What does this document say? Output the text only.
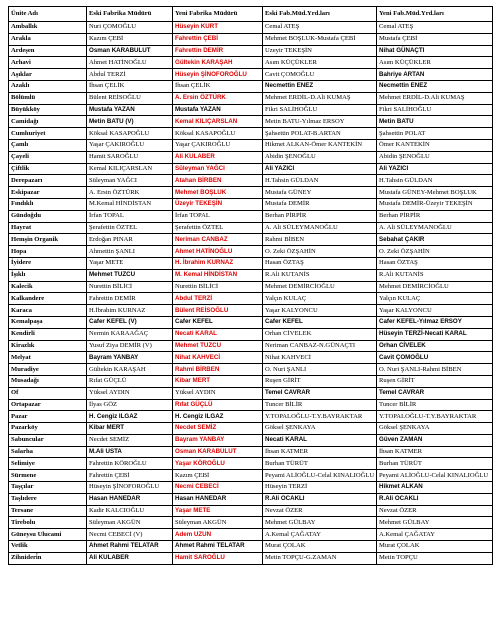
Ünite Adı	Eski Fabrika Müdürü	Yeni Fabrika Müdürü	Eski Fab.Müd.Yrd.ları	Yeni Fab.Müd.Yrd.ları
Amballık	Nuri ÇOMOĞLU	Hüseyin KURT	Cemal ATEŞ	Cemal ATEŞ
Arakla	Kazım ÇEBİ	Fahrettin ÇEBİ	Mehmet BOŞLUK-Mustafa ÇEBİ	Mustafa ÇEBİ
Ardeşen	Osman KARABULUT	Fahrettin DEMİR	Uzeyir TEKEŞİN	Nihat GÜNAÇTI
Arhavi	Ahmet HATİNOĞLU	Gültekin KARAŞAH	Asım KÜÇÜKLER	Asım KÜÇÜKLER
Aşıklar	Abdul TERZİ	Hüseyin ŞİNOFOROĞLU	Cavit ÇOMOĞLU	Bahriye ARTAN
Azaklı	İhsan ÇELİK	İhsan ÇELİK	Necmettin ENEZ	Necmettin ENEZ
Bölümlü	Bülent REİSOĞLU	A. Ersin ÖZTÜRK	Mehmet ERDİL-D.Ali KUMAŞ	Mehmet ERDİL-D.Ali KUMAŞ
Büyükköy	Mustafa YAZAN	Mustafa YAZAN	Fikri SALİHOĞLU	Fikri SALİHOĞLU
Camidağı	Metin BATU (V)	Kemal KILIÇARSLAN	Metin BATU-Yılmaz ERSOY	Metin BATU
Cumhuriyet	Köksal KASAPOĞLU	Köksal KASAPOĞLU	Şahsettin POLAT-B.ARTAN	Şahsettin POLAT
Çamlı	Yaşar ÇAKIROĞLU	Yaşar ÇAKIROĞLU	Hikmet ALKAN-Ömer KANTEKİN	Ömer KANTEKİN
Çayeli	Hamit SAROĞLU	Ali KULABER	Abidin ŞENOĞLU	Abidin ŞENOĞLU
Çiftlik	Kemal KILIÇARSLAN	Süleyman YAĞCI	Ali YAZICI	Ali YAZICI
Derepazarı	Süleyman YAĞCI	Atahan BİRBEN	H.Tahsin GÜLDAN	H.Tahsin GÜLDAN
Eskipazar	A. Ersin ÖZTÜRK	Mehmet BOŞLUK	Mustafa GÜNEY	Mustafa GÜNEY-Mehmet BOŞLUK
Fındıklı	M.Kemal HİNDİSTAN	Üzeyir TEKEŞİN	Mustafa DEMİR	Mustafa DEMİR-Üzeyir TEKEŞİN
Gündoğdu	İrfan TOPAL	İrfan TOPAL	Berhan PİRPİR	Berhan PİRPİR
Hayrat	Şerafettin ÖZTEL	Şerafettin ÖZTEL	A. Ali SÜLEYMANOĞLU	A. Ali SÜLEYMANOĞLU
Hemşin Organik	Erdoğan PINAR	Neriman CANBAZ	Rahmi BİBEN	Sebahat ÇAKIR
Hopa	Ahmettin ŞANLI	Ahmet HATİNOĞLU	O. Zeki ÖZŞAHİN	O. Zeki ÖZŞAHİN
İyidere	Yaşar METE	H. İbrahim KURNAZ	Hasan ÖZTAŞ	Hasan ÖZTAŞ
İşıklı	Mehmet TUZCU	M. Kemal HİNDİSTAN	R.Ali KUTANİS	R.Ali KUTANİS
Kalecik	Nurettin BİLİCİ	Nurettin BİLİCİ	Mehmet DEMİRCİOĞLU	Mehmet DEMİRCİOĞLU
Kalkandere	Fahrettin DEMİR	Abdul TERZİ	Yalçın KULAÇ	Yalçın KULAÇ
Karaca	H.İbrahim KURNAZ	Bülent REİSOĞLU	Yaşar KALYONCU	Yaşar KALYONCU
Kemalpaşa	Cafer KEFEL (V)	Cafer KEFEL	Cafer KEFEL	Cafer KEFEL-Yılmaz ERSOY
Kendirli	Nermin KARAAĞAÇ	Necati KARAL	Orhan CİVELEK	Hüseyin TERZİ-Necati KARAL
Kirazlık	Yusuf Ziya DEMİR (V)	Mehmet TUZCU	Neriman CANBAZ-N.GÜNAÇTI	Orhan CİVELEK
Melyat	Bayram YANBAY	Nihat KAHVECİ	Nihat KAHVECİ	Cavit ÇOMOĞLU
Muradiye	Gültekin KARAŞAH	Rahmi BİRBEN	O. Nuri ŞANLI	O. Nuri ŞANLI-Rahmi BİBEN
Musadağı	Rıfat GÜÇLÜ	Kibar MERT	Ruşen GİRİT	Ruşen GİRİT
Of	Yüksel AYDIN	Yüksel AYDIN	Temel CAVRAR	Temel CAVRAR
Ortapazar	İlyas GÖZ	Rıfat GÜÇLÜ	Tuncer BİLİR	Tuncer BİLİR
Pazar	H. Cengiz ILGAZ	H. Cengiz ILGAZ	Y.TOPALOĞLU-T.Y.BAYRAKTAR	Y.TOPALOĞLU-T.Y.BAYRAKTAR
Pazarköy	Kibar MERT	Necdet SEMİZ	Göksel ŞENKAYA	Göksel ŞENKAYA
Sabuncular	Necdet SEMİZ	Bayram YANBAY	Necati KARAL	Güven ZAMAN
Salarha	M.Ali USTA	Osman KARABULUT	İhsan KATMER	İhsan KATMER
Selimiye	Fahrettin KÖROĞLU	Yaşar KÖROĞLU	Burhan TÜRÜT	Burhan TÜRÜT
Sürmene	Fahrettin ÇEBİ	Kazım ÇEBİ	Peyami ALİOĞLU-Celal KINALIOĞLU	Peyami ALİOĞLU-Celal KINALIOĞLU
Taşçılar	Hüseyin ŞİNOFOROĞLU	Necmi CEBECİ	Hüseyin TERZİ	Hikmet ALKAN
Taşlıdere	Hasan HANEDAR	Hasan HANEDAR	R.Ali OCAKLI	R.Ali OCAKLI
Tersane	Kadir KALCIOĞLU	Yaşar METE	Nevzat ÖZER	Nevzat ÖZER
Tirebolu	Süleyman AKGÜN	Süleyman AKGÜN	Mehmet GÜLBAY	Mehmet GÜLBAY
Güneysu Ulucami	Necmi CEBECİ (V)	Adem UZUN	A.Kemal ÇAĞATAY	A.Kemal ÇAĞATAY
Vetlik	Ahmet Rahmi TELATAR	Ahmet Rahmi TELATAR	Murat ÇOLAK	Murat ÇOLAK
Zihnideri̇n	Ali KULABER	Hamit SAROĞLU	Metin TOPÇU-G.ZAMAN	Metin TOPÇU
